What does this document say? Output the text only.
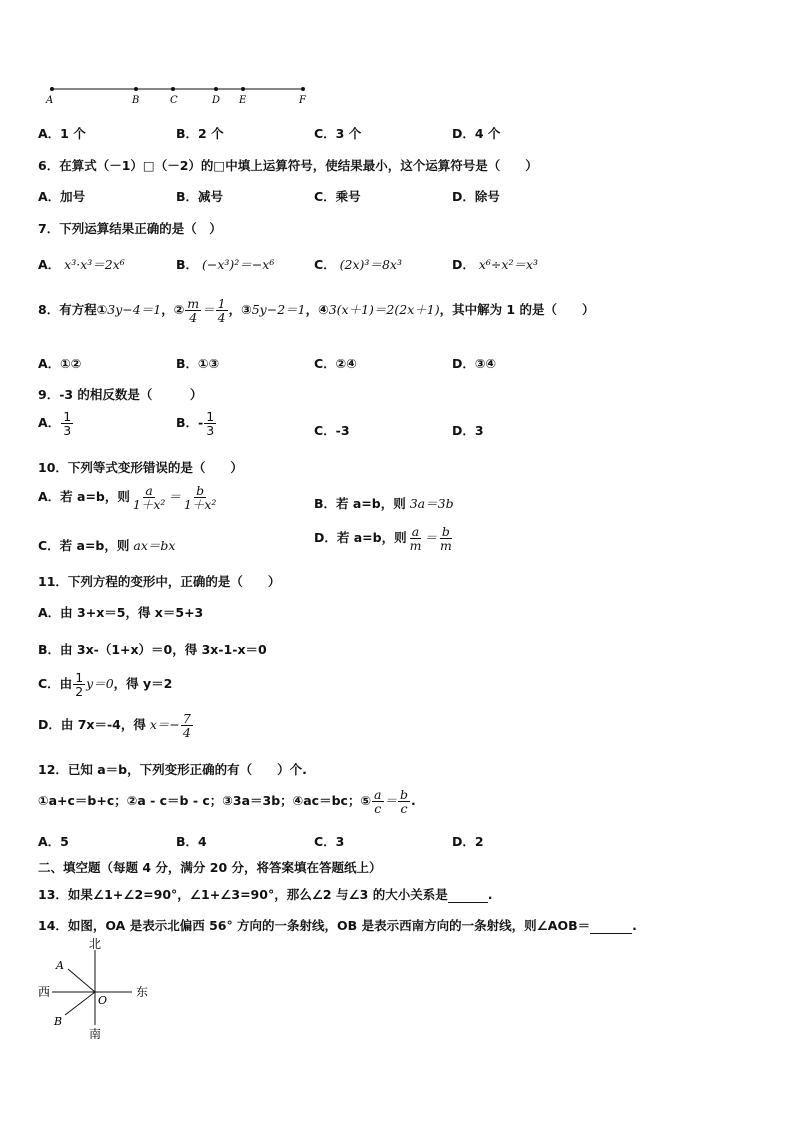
A	B	C	D E	F
A．1 个	B．2 个	C．3 个	D．4 个
6．在算式（－1）□（－2）的□中填上运算符号，使结果最小，这个运算符号是（　　）
A．加号	B．减号	C．乘号	D．除号
7．下列运算结果正确的是（　）
A． x³·x³＝2x⁶	B． (−x³)²＝−x⁶	C． (2x)³＝8x³	D． x⁶÷x²＝x³
8．有方程①3y−4＝1，② $\frac{m}{4} = \frac{1}{4}$ ，③5y−2＝1，④3(x＋1)＝2(2x＋1)，其中解为 1 的是（　　）
A．①②	B．①③	C．②④	D．③④
9．-3 的相反数是（　　　）
A． $\frac{1}{3}$	B．- $\frac{1}{3}$	C．-3	D．3
10．下列等式变形错误的是（　　）
A．若 a=b，则 $\frac{a}{\text{1＋x²}} = \frac{b}{\text{1＋x²}}$	B．若 a=b，则 3a＝3b
C．若 a=b，则 ax＝bx
D．若 a=b，则 $\frac{a}{m} = \frac{b}{m}$
11．下列方程的变形中，正确的是（　　）
A．由 3+x＝5，得 x＝5+3
B．由 3x-（1+x）＝0，得 3x-1-x＝0
C．由 $\frac{1}{2} y=0$，得 y＝2
D．由 7x＝-4，得 $x=- \frac{7}{4}$
12．已知 a＝b，下列变形正确的有（　　）个.
①a+c＝b+c；②a - c＝b - c；③3a＝3b；④ac＝bc；⑤ $\frac{a}{c} = \frac{b}{c}$ .
A．5	B．4	C．3	D．2
二、填空题（每题 4 分，满分 20 分，将答案填在答题纸上）
13．如果∠1+∠2=90°，∠1+∠3=90°，那么∠2 与∠3 的大小关系是	.
14．如图，OA 是表示北偏西 56° 方向的一条射线，OB 是表示西南方向的一条射线，则∠AOB＝	.
北
南
西	东
A
B
O
